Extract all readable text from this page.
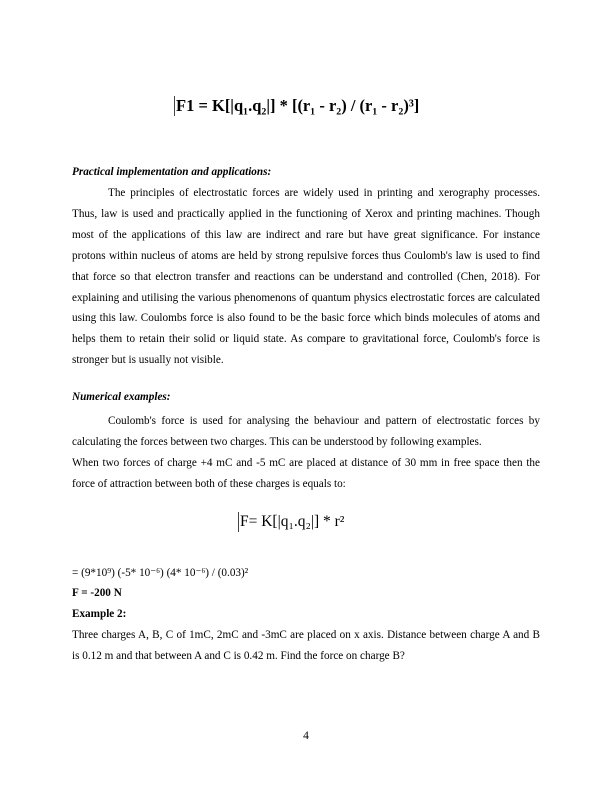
F1 = K[|q₁.q₂|] * [(r₁ - r₂) / (r₁ - r₂)³]

Practical implementation and applications:

The principles of electrostatic forces are widely used in printing and xerography processes. Thus, law is used and practically applied in the functioning of Xerox and printing machines. Though most of the applications of this law are indirect and rare but have great significance. For instance protons within nucleus of atoms are held by strong repulsive forces thus Coulomb's law is used to find that force so that electron transfer and reactions can be understand and controlled (Chen, 2018). For explaining and utilising the various phenomenons of quantum physics electrostatic forces are calculated using this law. Coulombs force is also found to be the basic force which binds molecules of atoms and helps them to retain their solid or liquid state. As compare to gravitational force, Coulomb's force is stronger but is usually not visible.

Numerical examples:

Coulomb's force is used for analysing the behaviour and pattern of electrostatic forces by calculating the forces between two charges. This can be understood by following examples.

When two forces of charge +4 mC and -5 mC are placed at distance of 30 mm in free space then the force of attraction between both of these charges is equals to:

F= K[|q₁.q₂|] * r²

= (9*10⁹) (-5* 10⁻⁶) (4* 10⁻⁶) / (0.03)²

F = -200 N

Example 2:

Three charges A, B, C of 1mC, 2mC and -3mC are placed on x axis. Distance between charge A and B is 0.12 m and that between A and C is 0.42 m. Find the force on charge B?

4
